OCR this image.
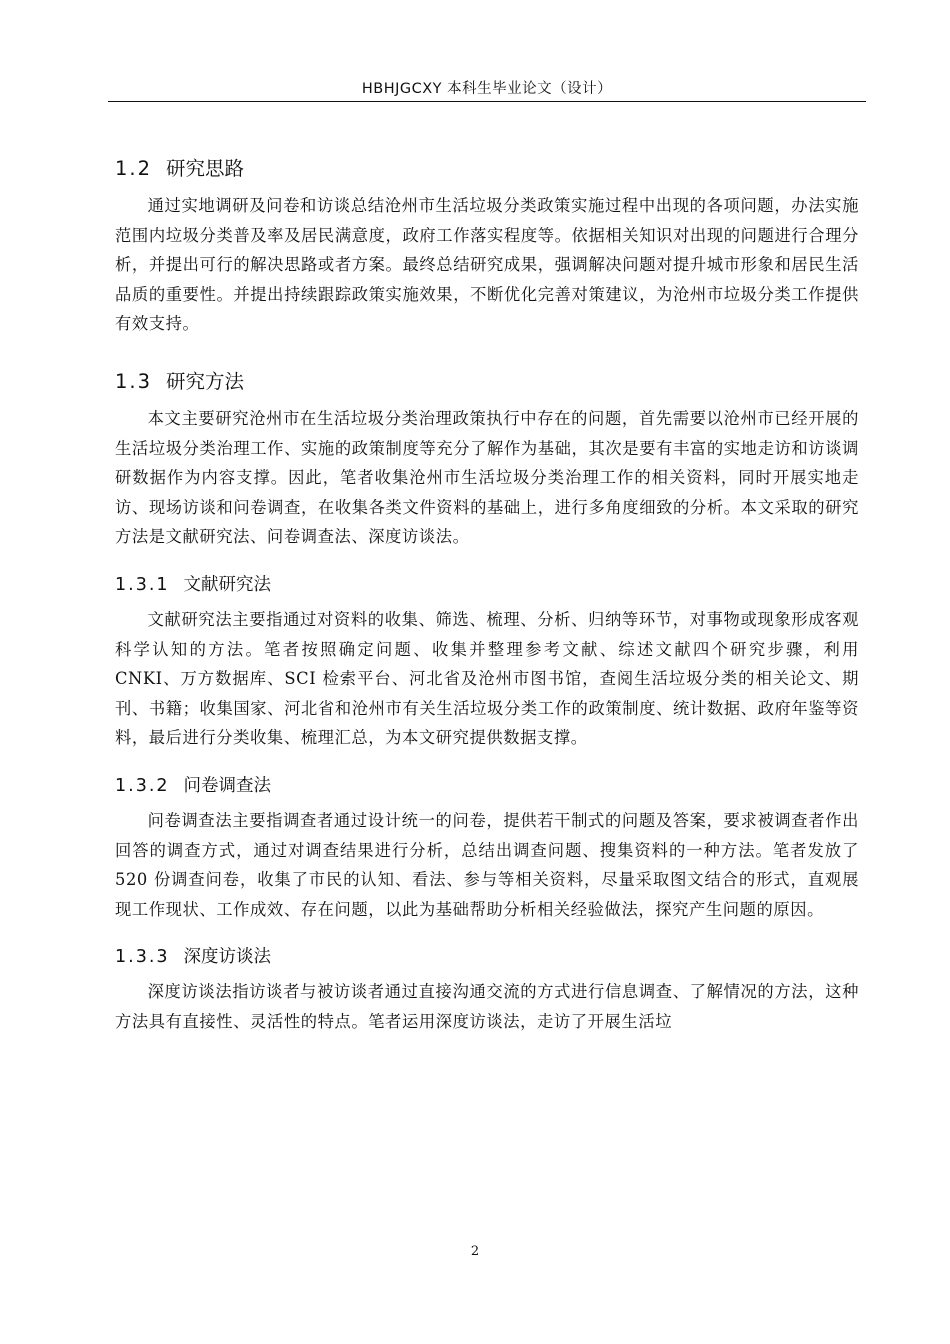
HBHJGCXY 本科生毕业论文（设计）
1.2 研究思路

通过实地调研及问卷和访谈总结沧州市生活垃圾分类政策实施过程中出现的各项问题，办法实施范围内垃圾分类普及率及居民满意度，政府工作落实程度等。依据相关知识对出现的问题进行合理分析，并提出可行的解决思路或者方案。最终总结研究成果，强调解决问题对提升城市形象和居民生活品质的重要性。并提出持续跟踪政策实施效果，不断优化完善对策建议，为沧州市垃圾分类工作提供有效支持。

1.3 研究方法

本文主要研究沧州市在生活垃圾分类治理政策执行中存在的问题，首先需要以沧州市已经开展的生活垃圾分类治理工作、实施的政策制度等充分了解作为基础，其次是要有丰富的实地走访和访谈调研数据作为内容支撑。因此，笔者收集沧州市生活垃圾分类治理工作的相关资料，同时开展实地走访、现场访谈和问卷调查，在收集各类文件资料的基础上，进行多角度细致的分析。本文采取的研究方法是文献研究法、问卷调查法、深度访谈法。

1.3.1 文献研究法

文献研究法主要指通过对资料的收集、筛选、梳理、分析、归纳等环节，对事物或现象形成客观科学认知的方法。笔者按照确定问题、收集并整理参考文献、综述文献四个研究步骤，利用 CNKI、万方数据库、SCI 检索平台、河北省及沧州市图书馆，查阅生活垃圾分类的相关论文、期刊、书籍；收集国家、河北省和沧州市有关生活垃圾分类工作的政策制度、统计数据、政府年鉴等资料，最后进行分类收集、梳理汇总，为本文研究提供数据支撑。

1.3.2 问卷调查法

问卷调查法主要指调查者通过设计统一的问卷，提供若干制式的问题及答案，要求被调查者作出回答的调查方式，通过对调查结果进行分析，总结出调查问题、搜集资料的一种方法。笔者发放了 520 份调查问卷，收集了市民的认知、看法、参与等相关资料，尽量采取图文结合的形式，直观展现工作现状、工作成效、存在问题，以此为基础帮助分析相关经验做法，探究产生问题的原因。

1.3.3 深度访谈法

深度访谈法指访谈者与被访谈者通过直接沟通交流的方式进行信息调查、了解情况的方法，这种方法具有直接性、灵活性的特点。笔者运用深度访谈法，走访了开展生活垃

2
